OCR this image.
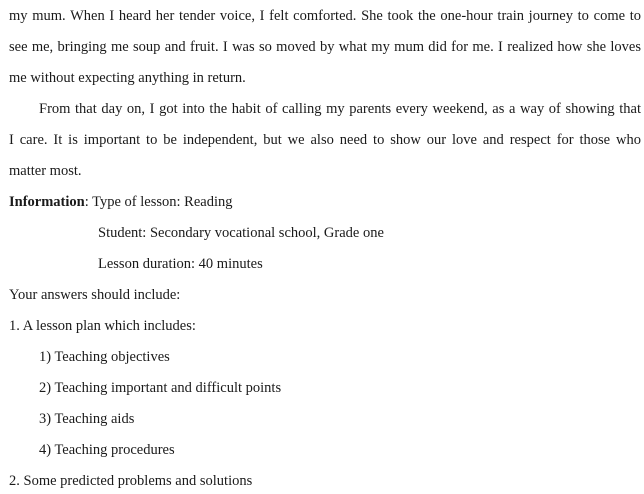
my mum. When I heard her tender voice, I felt comforted. She took the one-hour train journey to come to
see me, bringing me soup and fruit. I was so moved by what my mum did for me. I realized how she loves
me without expecting anything in return.
From that day on, I got into the habit of calling my parents every weekend, as a way of showing that
I care. It is important to be independent, but we also need to show our love and respect for those who
matter most.
Information: Type of lesson: Reading
Student: Secondary vocational school, Grade one
Lesson duration: 40 minutes
Your answers should include:
1. A lesson plan which includes:
1) Teaching objectives
2) Teaching important and difficult points
3) Teaching aids
4) Teaching procedures
2. Some predicted problems and solutions
